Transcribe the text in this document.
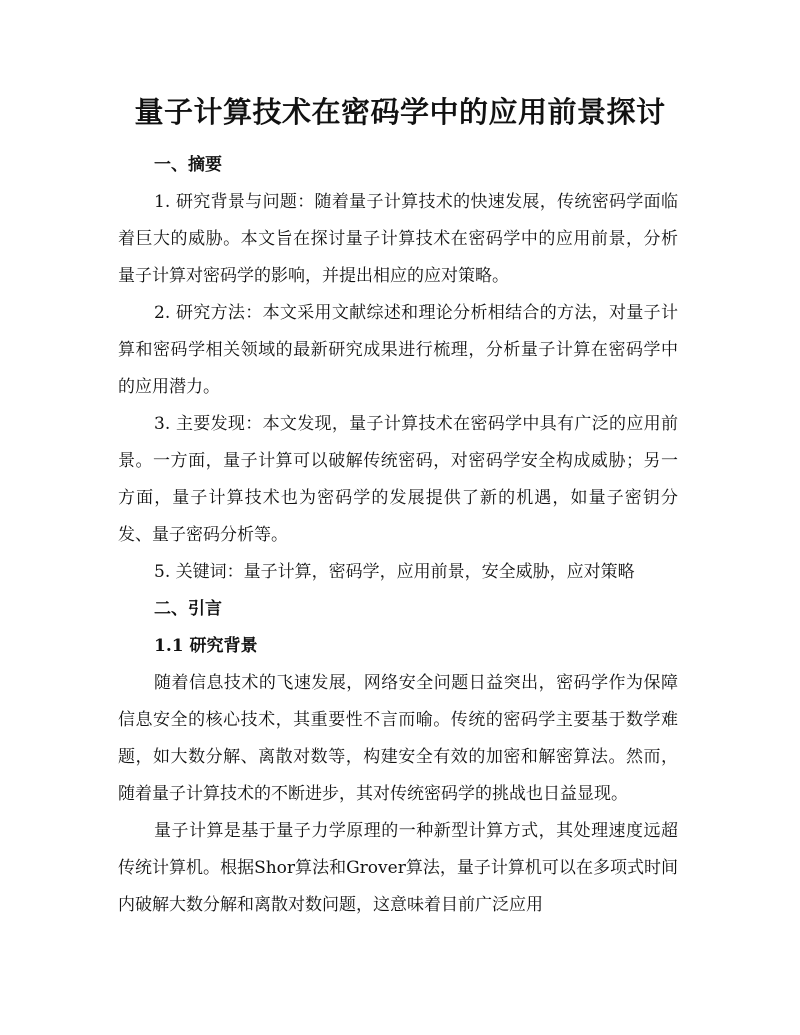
量子计算技术在密码学中的应用前景探讨
一、摘要

1. 研究背景与问题：随着量子计算技术的快速发展，传统密码学面临着巨大的威胁。本文旨在探讨量子计算技术在密码学中的应用前景，分析量子计算对密码学的影响，并提出相应的应对策略。

2. 研究方法：本文采用文献综述和理论分析相结合的方法，对量子计算和密码学相关领域的最新研究成果进行梳理，分析量子计算在密码学中的应用潜力。

3. 主要发现：本文发现，量子计算技术在密码学中具有广泛的应用前景。一方面，量子计算可以破解传统密码，对密码学安全构成威胁；另一方面，量子计算技术也为密码学的发展提供了新的机遇，如量子密钥分发、量子密码分析等。

5. 关键词：量子计算，密码学，应用前景，安全威胁，应对策略

二、引言
1.1 研究背景

随着信息技术的飞速发展，网络安全问题日益突出，密码学作为保障信息安全的核心技术，其重要性不言而喻。传统的密码学主要基于数学难题，如大数分解、离散对数等，构建安全有效的加密和解密算法。然而，随着量子计算技术的不断进步，其对传统密码学的挑战也日益显现。

量子计算是基于量子力学原理的一种新型计算方式，其处理速度远超传统计算机。根据Shor算法和Grover算法，量子计算机可以在多项式时间内破解大数分解和离散对数问题，这意味着目前广泛应用
